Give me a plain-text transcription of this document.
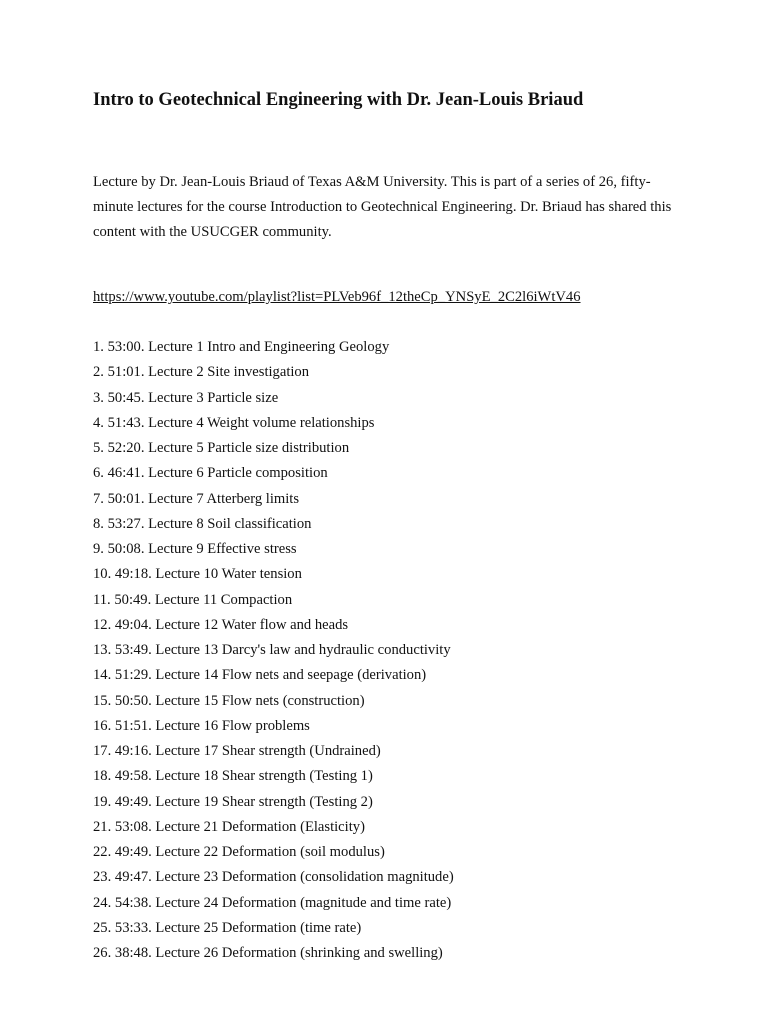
Intro to Geotechnical Engineering with Dr. Jean-Louis Briaud

Lecture by Dr. Jean-Louis Briaud of Texas A&M University. This is part of a series of 26, fifty-minute lectures for the course Introduction to Geotechnical Engineering. Dr. Briaud has shared this content with the USUCGER community.

https://www.youtube.com/playlist?list=PLVeb96f_12theCp_YNSyE_2C2l6iWtV46
1. 53:00. Lecture 1 Intro and Engineering Geology
2. 51:01. Lecture 2 Site investigation
3. 50:45. Lecture 3 Particle size
4. 51:43. Lecture 4 Weight volume relationships
5. 52:20. Lecture 5 Particle size distribution
6. 46:41. Lecture 6 Particle composition
7. 50:01. Lecture 7 Atterberg limits
8. 53:27. Lecture 8 Soil classification
9. 50:08. Lecture 9 Effective stress
10. 49:18. Lecture 10 Water tension
11. 50:49. Lecture 11 Compaction
12. 49:04. Lecture 12 Water flow and heads
13. 53:49. Lecture 13 Darcy's law and hydraulic conductivity
14. 51:29. Lecture 14 Flow nets and seepage (derivation)
15. 50:50. Lecture 15 Flow nets (construction)
16. 51:51. Lecture 16 Flow problems
17. 49:16. Lecture 17 Shear strength (Undrained)
18. 49:58. Lecture 18 Shear strength (Testing 1)
19. 49:49. Lecture 19 Shear strength (Testing 2)
21. 53:08. Lecture 21 Deformation (Elasticity)
22. 49:49. Lecture 22 Deformation (soil modulus)
23. 49:47. Lecture 23 Deformation (consolidation magnitude)
24. 54:38. Lecture 24 Deformation (magnitude and time rate)
25. 53:33. Lecture 25 Deformation (time rate)
26. 38:48. Lecture 26 Deformation (shrinking and swelling)
